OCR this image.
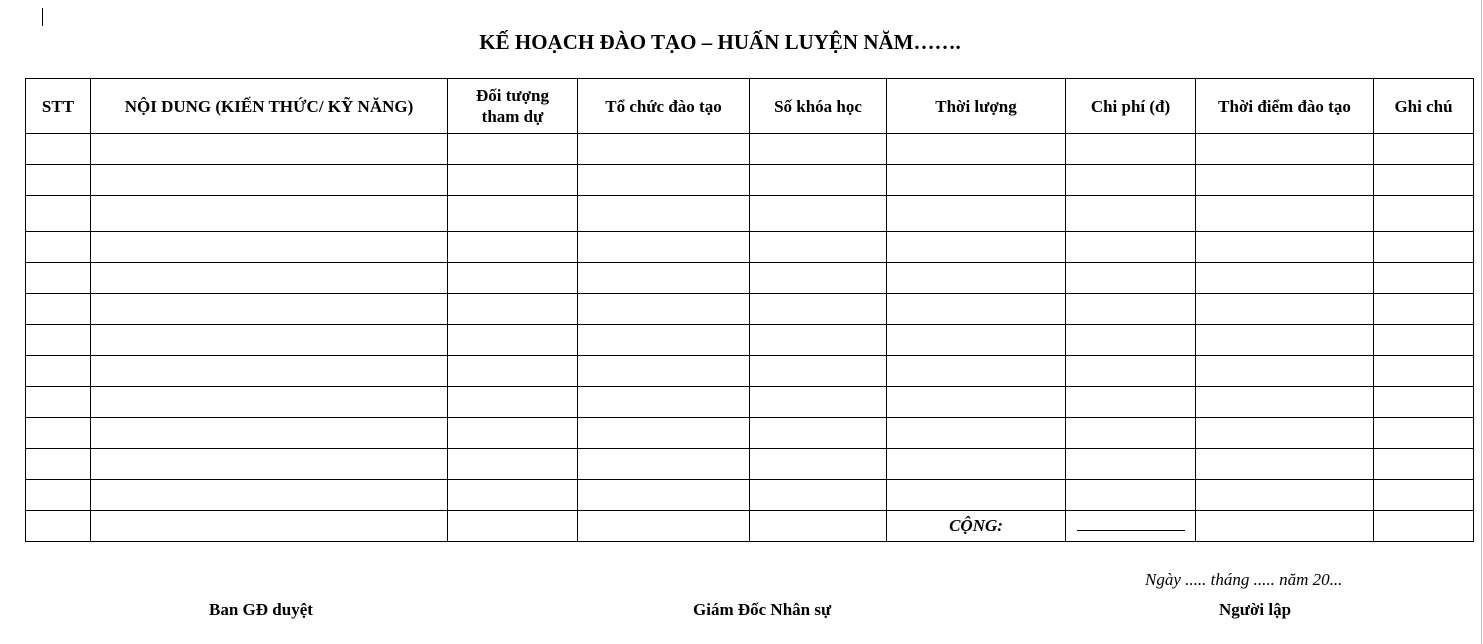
KẾ HOẠCH ĐÀO TẠO – HUẤN LUYỆN NĂM…….
STT	NỘI DUNG (KIẾN THỨC/ KỸ NĂNG)	Đối tượng tham dự	Tổ chức đào tạo	Số khóa học	Thời lượng	Chi phí (đ)	Thời điểm đào tạo	Ghi chú

					CỘNG:			
Ngày ..... tháng ..... năm 20...
Ban GĐ duyệt	Giám Đốc Nhân sự	Người lập
